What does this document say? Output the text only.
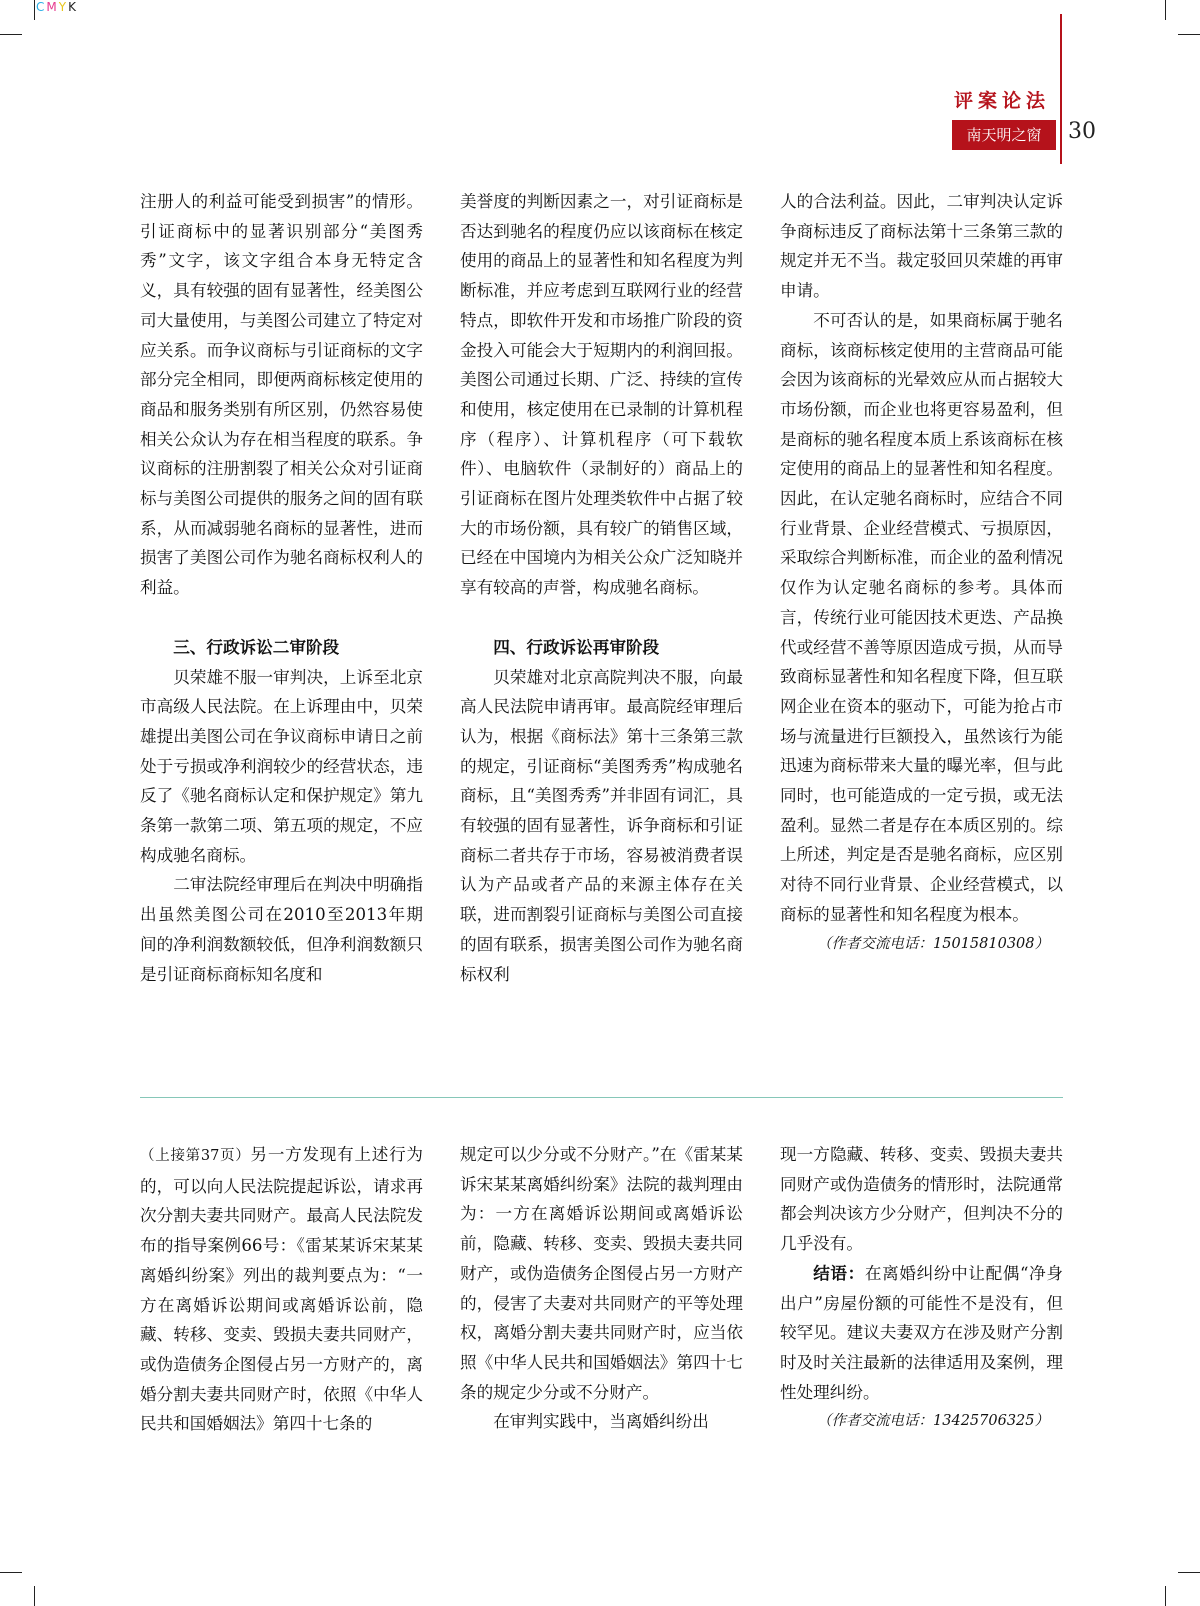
CMYK
评案论法
南天明之窗	30

注册人的利益可能受到损害”的情形。引证商标中的显著识别部分“美图秀秀”文字，该文字组合本身无特定含义，具有较强的固有显著性，经美图公司大量使用，与美图公司建立了特定对应关系。而争议商标与引证商标的文字部分完全相同，即便两商标核定使用的商品和服务类别有所区别，仍然容易使相关公众认为存在相当程度的联系。争议商标的注册割裂了相关公众对引证商标与美图公司提供的服务之间的固有联系，从而减弱驰名商标的显著性，进而损害了美图公司作为驰名商标权利人的利益。

三、行政诉讼二审阶段

贝荣雄不服一审判决，上诉至北京市高级人民法院。在上诉理由中，贝荣雄提出美图公司在争议商标申请日之前处于亏损或净利润较少的经营状态，违反了《驰名商标认定和保护规定》第九条第一款第二项、第五项的规定，不应构成驰名商标。

二审法院经审理后在判决中明确指出虽然美图公司在2010至2013年期间的净利润数额较低，但净利润数额只是引证商标商标知名度和

美誉度的判断因素之一，对引证商标是否达到驰名的程度仍应以该商标在核定使用的商品上的显著性和知名程度为判断标准，并应考虑到互联网行业的经营特点，即软件开发和市场推广阶段的资金投入可能会大于短期内的利润回报。美图公司通过长期、广泛、持续的宣传和使用，核定使用在已录制的计算机程序（程序）、计算机程序（可下载软件）、电脑软件（录制好的）商品上的引证商标在图片处理类软件中占据了较大的市场份额，具有较广的销售区域，已经在中国境内为相关公众广泛知晓并享有较高的声誉，构成驰名商标。

四、行政诉讼再审阶段

贝荣雄对北京高院判决不服，向最高人民法院申请再审。最高院经审理后认为，根据《商标法》第十三条第三款的规定，引证商标“美图秀秀”构成驰名商标，且“美图秀秀”并非固有词汇，具有较强的固有显著性，诉争商标和引证商标二者共存于市场，容易被消费者误认为产品或者产品的来源主体存在关联，进而割裂引证商标与美图公司直接的固有联系，损害美图公司作为驰名商标权利

人的合法利益。因此，二审判决认定诉争商标违反了商标法第十三条第三款的规定并无不当。裁定驳回贝荣雄的再审申请。

不可否认的是，如果商标属于驰名商标，该商标核定使用的主营商品可能会因为该商标的光晕效应从而占据较大市场份额，而企业也将更容易盈利，但是商标的驰名程度本质上系该商标在核定使用的商品上的显著性和知名程度。因此，在认定驰名商标时，应结合不同行业背景、企业经营模式、亏损原因，采取综合判断标准，而企业的盈利情况仅作为认定驰名商标的参考。具体而言，传统行业可能因技术更迭、产品换代或经营不善等原因造成亏损，从而导致商标显著性和知名程度下降，但互联网企业在资本的驱动下，可能为抢占市场与流量进行巨额投入，虽然该行为能迅速为商标带来大量的曝光率，但与此同时，也可能造成的一定亏损，或无法盈利。显然二者是存在本质区别的。综上所述，判定是否是驰名商标，应区别对待不同行业背景、企业经营模式，以商标的显著性和知名程度为根本。

（作者交流电话：15015810308）

（上接第37页）另一方发现有上述行为的，可以向人民法院提起诉讼，请求再次分割夫妻共同财产。最高人民法院发布的指导案例66号：《雷某某诉宋某某离婚纠纷案》列出的裁判要点为：“一方在离婚诉讼期间或离婚诉讼前，隐藏、转移、变卖、毁损夫妻共同财产，或伪造债务企图侵占另一方财产的，离婚分割夫妻共同财产时，依照《中华人民共和国婚姻法》第四十七条的

规定可以少分或不分财产。”在《雷某某诉宋某某离婚纠纷案》法院的裁判理由为：一方在离婚诉讼期间或离婚诉讼前，隐藏、转移、变卖、毁损夫妻共同财产，或伪造债务企图侵占另一方财产的，侵害了夫妻对共同财产的平等处理权，离婚分割夫妻共同财产时，应当依照《中华人民共和国婚姻法》第四十七条的规定少分或不分财产。

在审判实践中，当离婚纠纷出

现一方隐藏、转移、变卖、毁损夫妻共同财产或伪造债务的情形时，法院通常都会判决该方少分财产，但判决不分的几乎没有。

结语：在离婚纠纷中让配偶“净身出户”房屋份额的可能性不是没有，但较罕见。建议夫妻双方在涉及财产分割时及时关注最新的法律适用及案例，理性处理纠纷。

（作者交流电话：13425706325）
